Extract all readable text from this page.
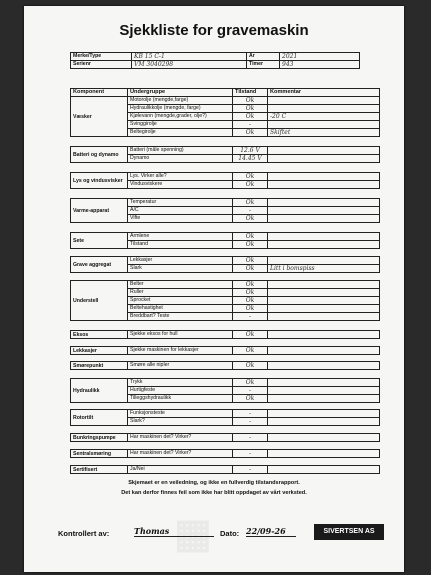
Sjekkliste for gravemaskin
Merke/Type	KB 15 C-1	År	2021
Serienr	VM 3040298	Timer	943
Komponent	Undergruppe	Tilstand	Kommentar
Væsker	Motorolje (mengde,farge)	Ok	
	Hydraulikkolje (mengde, farge)	Ok	
	Kjølevann (mengde,grader, olje?)	Ok	-20 C
	Svinggirolje	-	
	Beltegirolje	Ok	Skiftet
Batteri og dynamo	Batteri (måle spenning)	12.6 V	
	Dynamo	14.45 V	
Lys og vindusvisker	Lys. Virker alle?	Ok	
	Vindusviskere	Ok	
Varme-apparat	Temperatur	Ok	
	A/C	-	
	Vifte	Ok	
Sete	Armlene	Ok	
	Tilstand	Ok	
Grave aggregat	Lekkasjer	Ok	
	Slark	Ok	Litt i bomspiss
Understell	Belter	Ok	
	Ruller	Ok	
	Sprocket	Ok	
	Beltehastighet	Ok	
	Breddbart? Teste	-	
Eksos	Sjekke eksos for hull	Ok	
Lekkasjer	Sjekke maskinen for lekkasjer	Ok	
Smørepunkt	Smøre alle nipler	Ok	
Hydraulikk	Trykk	Ok	
	Hurtigfeste	-	
	Tilleggshydraulikk	Ok	
Rotortilt	Funksjonsteste	-	
	Slark?	-	
Bunkringspumpe	Har maskinen det? Virker?	-	
Sentralsmøring	Har maskinen det? Virker?	-	
Sertifisert	Ja/Nei	-	
Skjemaet er en veiledning, og ikke en fullverdig tilstandsrapport.
Det kan derfor finnes feil som ikke har blitt oppdaget av vårt verksted.
▦
Kontrollert av:	Thomas	Dato: 22/09-26	SIVERTSEN AS
